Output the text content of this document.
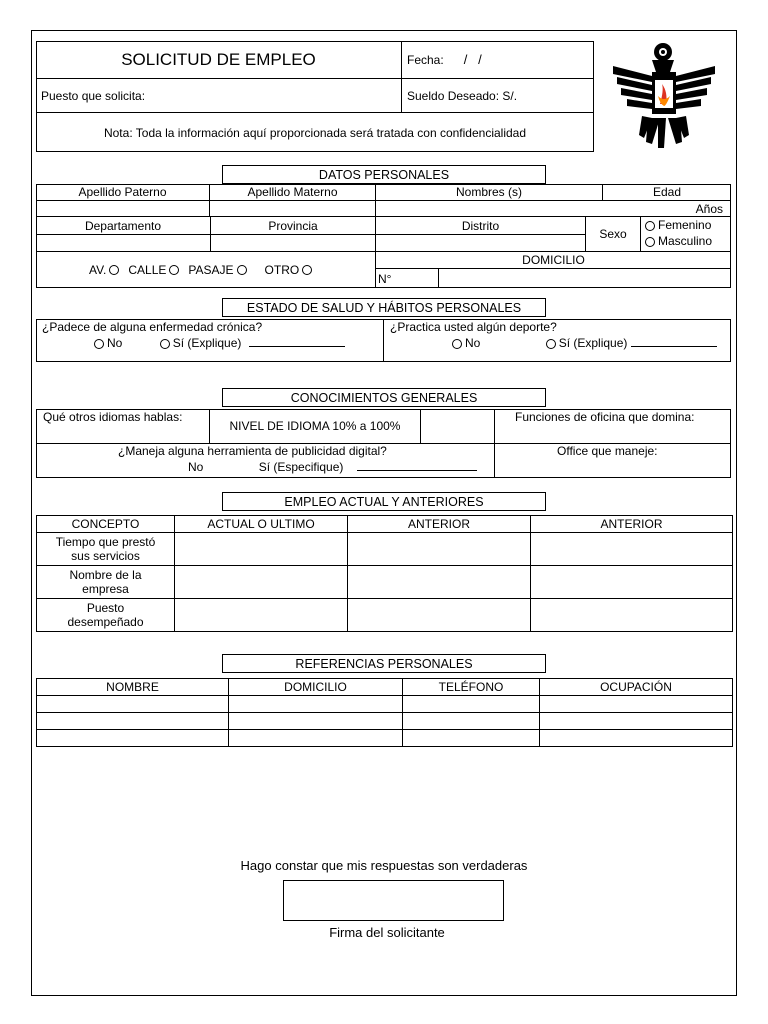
SOLICITUD DE EMPLEO	Fecha: /   /
Puesto que solicita:	Sueldo Deseado: S/.
Nota: Toda la información aquí proporcionada será tratada con confidencialidad
DATOS PERSONALES
Apellido Paterno	Apellido Materno	Nombres (s)	Edad
Años
Departamento	Provincia	Distrito
Sexo
Femenino
Masculino
AV. CALLE PASAJE	OTRO
DOMICILIO
N°
ESTADO DE SALUD Y HÁBITOS PERSONALES
¿Padece de alguna enfermedad crónica?
No	Sí (Explique)
¿Practica usted algún deporte?
No	Sí (Explique)
CONOCIMIENTOS GENERALES
Qué otros idiomas hablas:
NIVEL DE IDIOMA 10% a 100%
Funciones de oficina que domina:
¿Maneja alguna herramienta de publicidad digital?
No	Sí (Especifique)
Office que maneje:
EMPLEO ACTUAL Y ANTERIORES
CONCEPTO	ACTUAL O ULTIMO	ANTERIOR	ANTERIOR
Tiempo que prestó
sus servicios			
Nombre de la
empresa			
Puesto
desempeñado			
REFERENCIAS PERSONALES
NOMBRE	DOMICILIO	TELÉFONO	OCUPACIÓN

Hago constar que mis respuestas son verdaderas
Firma del solicitante
